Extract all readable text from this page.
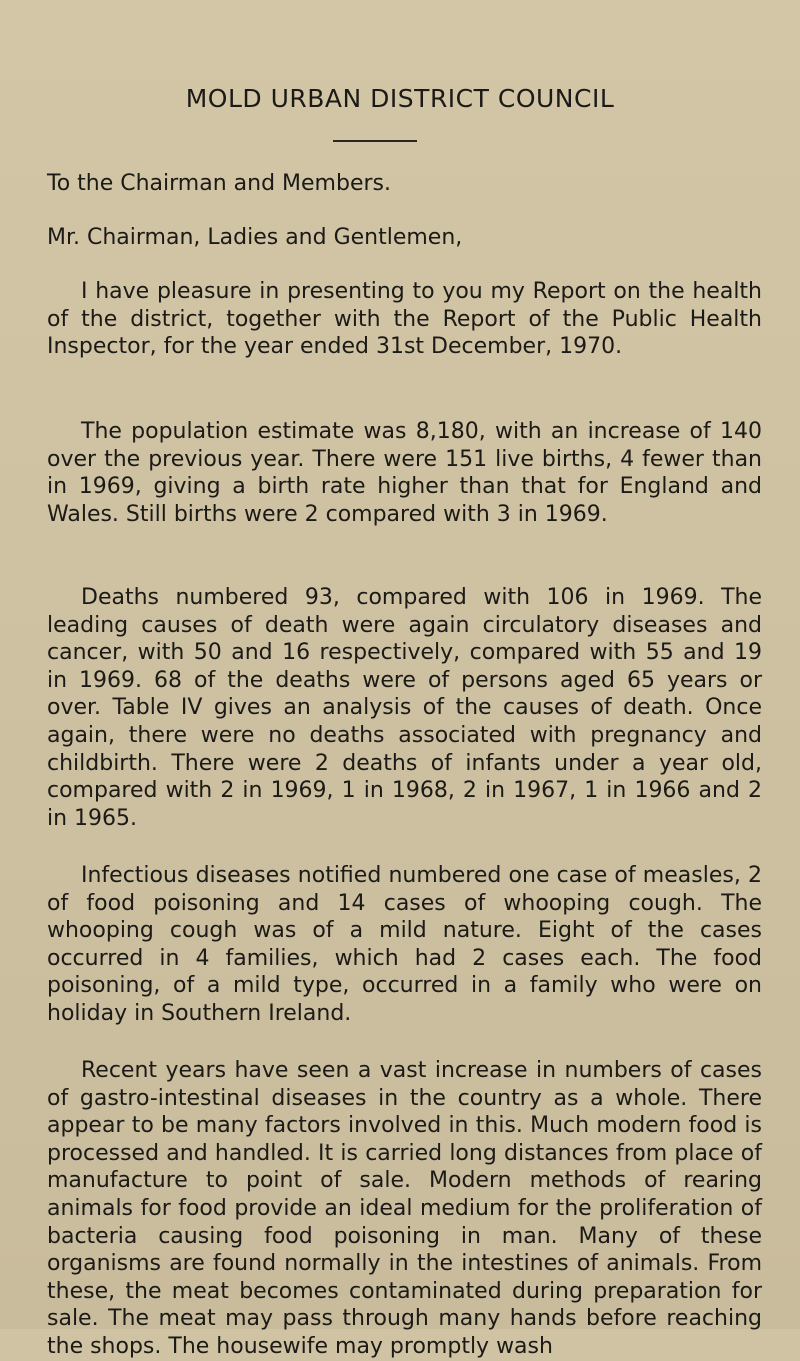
MOLD URBAN DISTRICT COUNCIL

To the Chairman and Members.

Mr. Chairman, Ladies and Gentlemen,

I have pleasure in presenting to you my Report on the health of the district, together with the Report of the Public Health Inspector, for the year ended 31st December, 1970.

The population estimate was 8,180, with an increase of 140 over the previous year. There were 151 live births, 4 fewer than in 1969, giving a birth rate higher than that for England and Wales. Still births were 2 compared with 3 in 1969.

Deaths numbered 93, compared with 106 in 1969. The leading causes of death were again circulatory diseases and cancer, with 50 and 16 respectively, compared with 55 and 19 in 1969. 68 of the deaths were of persons aged 65 years or over. Table IV gives an analysis of the causes of death. Once again, there were no deaths associated with pregnancy and childbirth. There were 2 deaths of infants under a year old, compared with 2 in 1969, 1 in 1968, 2 in 1967, 1 in 1966 and 2 in 1965.

Infectious diseases notified numbered one case of measles, 2 of food poisoning and 14 cases of whooping cough. The whooping cough was of a mild nature. Eight of the cases occurred in 4 families, which had 2 cases each. The food poisoning, of a mild type, occurred in a family who were on holiday in Southern Ireland.

Recent years have seen a vast increase in numbers of cases of gastro-intestinal diseases in the country as a whole. There appear to be many factors involved in this. Much modern food is processed and handled. It is carried long distances from place of manufacture to point of sale. Modern methods of rearing animals for food provide an ideal medium for the proliferation of bacteria causing food poisoning in man. Many of these organisms are found normally in the intestines of animals. From these, the meat becomes contaminated during preparation for sale. The meat may pass through many hands before reaching the shops. The housewife may promptly wash
